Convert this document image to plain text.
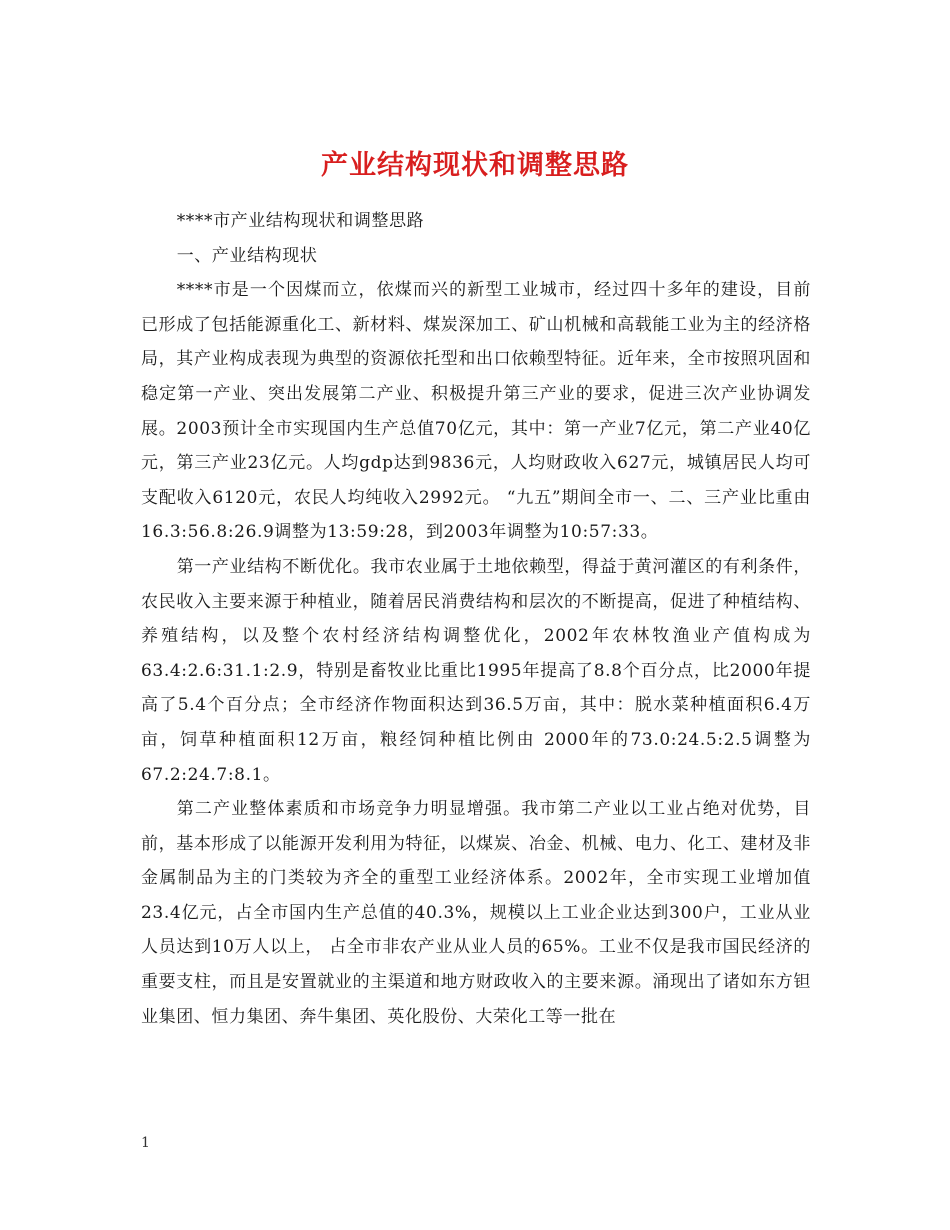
产业结构现状和调整思路

****市产业结构现状和调整思路

一、产业结构现状

****市是一个因煤而立，依煤而兴的新型工业城市，经过四十多年的建设，目前已形成了包括能源重化工、新材料、煤炭深加工、矿山机械和高载能工业为主的经济格局，其产业构成表现为典型的资源依托型和出口依赖型特征。近年来，全市按照巩固和稳定第一产业、突出发展第二产业、积极提升第三产业的要求，促进三次产业协调发展。2003预计全市实现国内生产总值70亿元，其中：第一产业7亿元，第二产业40亿元，第三产业23亿元。人均gdp达到9836元，人均财政收入627元，城镇居民人均可支配收入6120元，农民人均纯收入2992元。 “九五”期间全市一、二、三产业比重由16.3:56.8:26.9调整为13:59:28，到2003年调整为10:57:33。

第一产业结构不断优化。我市农业属于土地依赖型，得益于黄河灌区的有利条件，农民收入主要来源于种植业，随着居民消费结构和层次的不断提高，促进了种植结构、养殖结构，以及整个农村经济结构调整优化，2002年农林牧渔业产值构成为63.4:2.6:31.1:2.9，特别是畜牧业比重比1995年提高了8.8个百分点，比2000年提高了5.4个百分点；全市经济作物面积达到36.5万亩，其中：脱水菜种植面积6.4万亩，饲草种植面积12万亩，粮经饲种植比例由 2000年的73.0:24.5:2.5调整为67.2:24.7:8.1。

第二产业整体素质和市场竞争力明显增强。我市第二产业以工业占绝对优势，目前，基本形成了以能源开发利用为特征，以煤炭、冶金、机械、电力、化工、建材及非金属制品为主的门类较为齐全的重型工业经济体系。2002年，全市实现工业增加值23.4亿元，占全市国内生产总值的40.3%，规模以上工业企业达到300户，工业从业人员达到10万人以上， 占全市非农产业从业人员的65%。工业不仅是我市国民经济的重要支柱，而且是安置就业的主渠道和地方财政收入的主要来源。涌现出了诸如东方钽业集团、恒力集团、奔牛集团、英化股份、大荣化工等一批在

1
